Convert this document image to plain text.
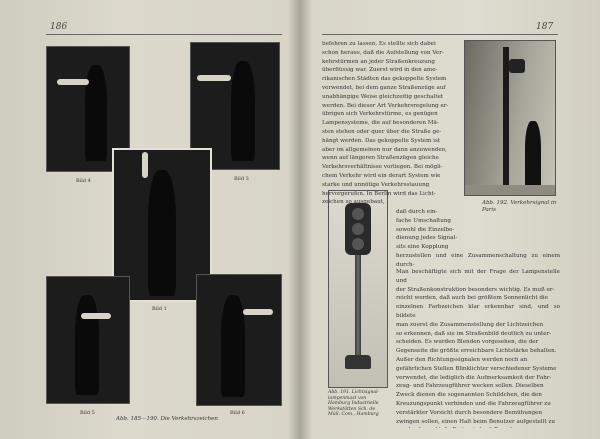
186
Bild 4	Bild 3
Bild 1
Bild 5	Bild 6
Abb. 185—190. Die Verkehrszeichen
187
Abb. 192. Verkehrsignal in Paris
Abb. 191. Lichtsignal-lampenmast von Hamburg Industrielle Werkstätten Sch. de Müll. Com., Hamburg
befehren zu lassen. Es stellte sich dabei
schon heraus, daß die Aufstellung von Ver-
kehrstürmen an jeder Straßenkreuzung
überflüssig war. Zuerst wird in den ame-
rikanischen Städten das gekoppelte System
verwendet, bei dem ganze Straßenzüge auf
unabhängige Weise gleichzeitig geschaltet
werden. Bei dieser Art Verkehrsregelung er-
übrigen sich Verkehrstürme, es genügen
Lampensysteme, die auf besonderen Mä-
sten stehen oder quer über die Straße ge-
hängt werden. Das gekoppelte System ist
aber im allgemeinen nur dann anzuwenden,
wenn auf längeren Straßenzügen gleiche
Verkehrsverhältnisse vorliegen. Bei mögli-
chem Verkehr wird ein derart System wie
starke und unnötige Verkehrsstauung
hervorgerufen. In Berlin wird das Licht-
zeichen so ausgebaut,
daß durch ein-
fache Umschaltung
sowohl die Einzelbe-
dienung jedes Signal-
sits eine Kopplung
herzustellen und eine Zusammenschaltung zu einem durch-
Man beschäftigte sich mit der Frage der Lampenstelle und
der Straßenkonstruktion besonders wichtig. Es muß er-
reicht werden, daß auch bei größtem Sonnenlicht die
einzelnen Farbzeichen klar erkennbar sind, und so bildete
man zuerst die Zusammenstellung der Lichtzeichen
so erkennen, daß sie im Straßenbild deutlich zu unter-
scheiden. Es wurden Blenden vorgesehen, die der
Gegenseite die größte erreichbare Lichtstärke behalten.
Außer den Richtungssignalen werden noch an
gefährlichen Stellen Blinklichter verschiedener Systeme
verwendet, die lediglich die Aufmerksamkeit der Fahr-
zeug- und Fahrzeugführer wecken sollen. Dieselben
Zweck dienen die sogenannten Schildchen, die den
Kreuzungspunkt verbinden und die Fahrzeugführer zu
verstärkter Vorsicht durch besondere Bemühungen
zwingen sollen, einen Halt beim Benutzer aufgestellt zu
